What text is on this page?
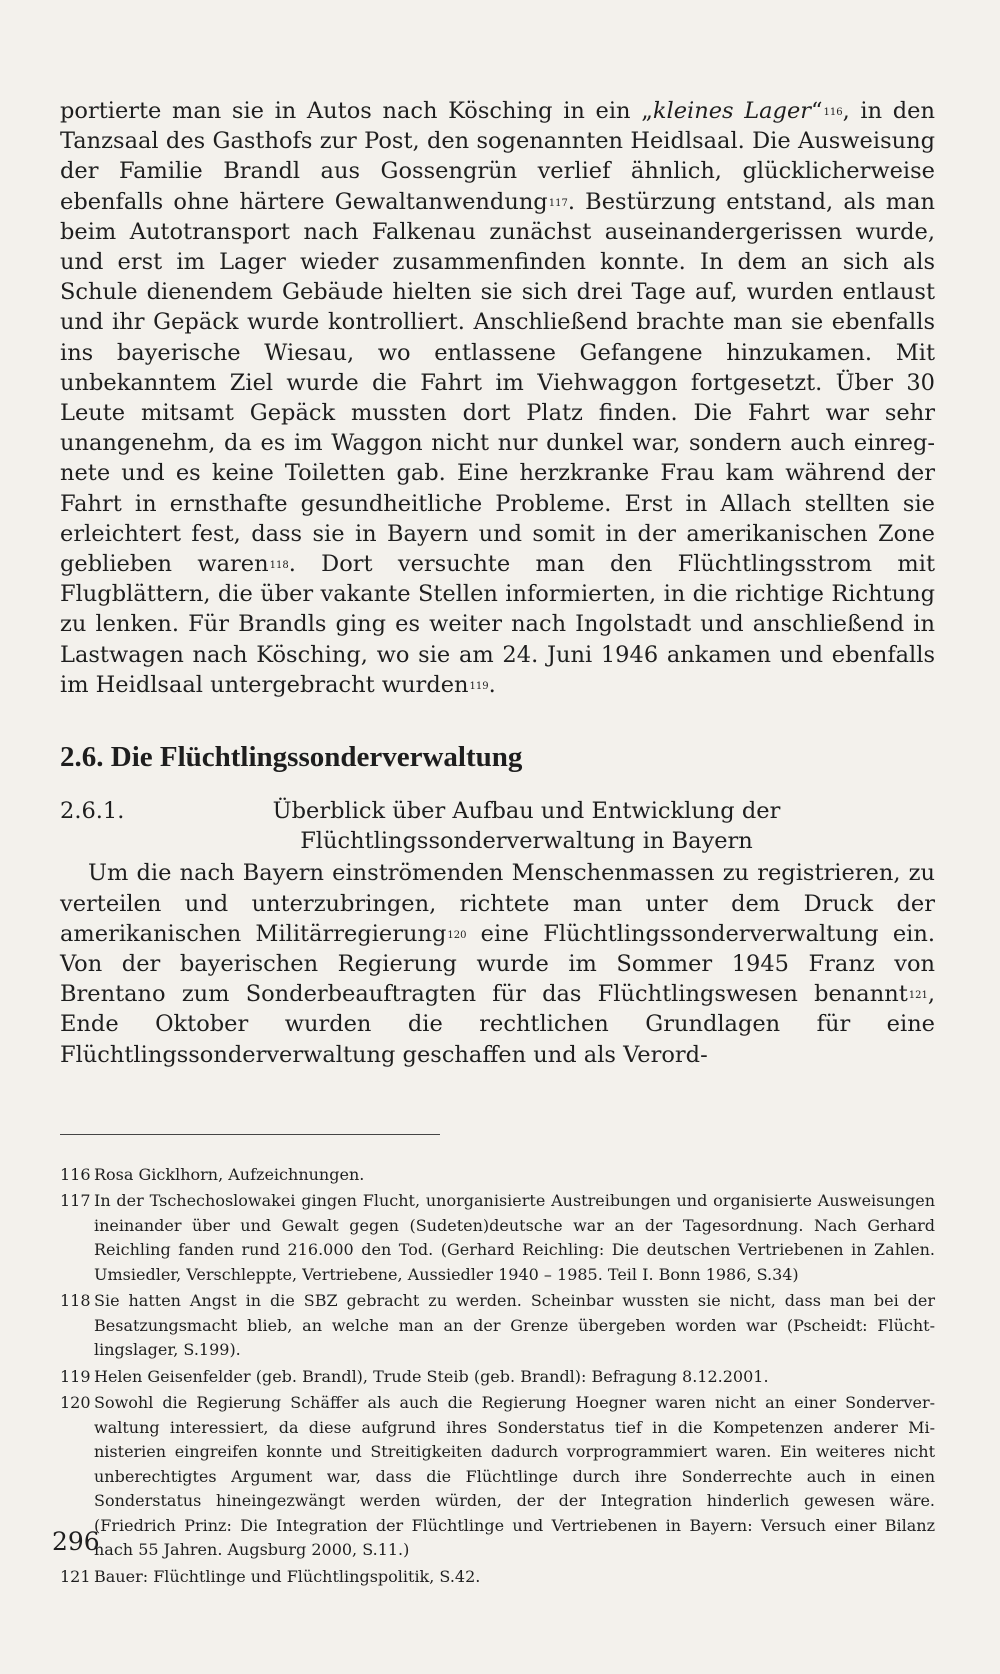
portierte man sie in Autos nach Kösching in ein „kleines Lager“$^{116}$, in den Tanzsaal des Gasthofs zur Post, den sogenannten Heidlsaal. Die Ausweisung der Familie Brandl aus Gossengrün verlief ähnlich, glücklicherweise ebenfalls ohne härtere Gewaltanwendung$^{117}$. Bestürzung entstand, als man beim Autotransport nach Falkenau zunächst auseinandergerissen wurde, und erst im Lager wieder zusammenfinden konnte. In dem an sich als Schule dienendem Gebäude hielten sie sich drei Tage auf, wurden entlaust und ihr Gepäck wurde kontrolliert. Anschließend brachte man sie ebenfalls ins bayerische Wiesau, wo entlassene Gefangene hinzukamen. Mit unbekanntem Ziel wurde die Fahrt im Viehwaggon fortgesetzt. Über 30 Leute mitsamt Gepäck mussten dort Platz finden. Die Fahrt war sehr unangenehm, da es im Waggon nicht nur dunkel war, sondern auch einregnete und es keine Toiletten gab. Eine herzkranke Frau kam während der Fahrt in ernsthafte gesundheitliche Probleme. Erst in Allach stellten sie erleichtert fest, dass sie in Bayern und somit in der amerikanischen Zone geblieben waren$^{118}$. Dort versuchte man den Flüchtlingsstrom mit Flugblättern, die über vakante Stellen informierten, in die richtige Richtung zu lenken. Für Brandls ging es weiter nach Ingolstadt und anschließend in Lastwagen nach Kösching, wo sie am 24. Juni 1946 ankamen und ebenfalls im Heidlsaal untergebracht wurden$^{119}$.

2.6. Die Flüchtlingssonderverwaltung
2.6.1.	Überblick über Aufbau und Entwicklung der Flüchtlingssonderverwaltung in Bayern

Um die nach Bayern einströmenden Menschenmassen zu registrieren, zu verteilen und unterzubringen, richtete man unter dem Druck der amerikanischen Militärregierung$^{120}$ eine Flüchtlingssonderverwaltung ein. Von der bayerischen Regierung wurde im Sommer 1945 Franz von Brentano zum Sonderbeauftragten für das Flüchtlingswesen benannt$^{121}$, Ende Oktober wurden die rechtlichen Grundlagen für eine Flüchtlingssonderverwaltung geschaffen und als Verord-

116 Rosa Gicklhorn, Aufzeichnungen.
117 In der Tschechoslowakei gingen Flucht, unorganisierte Austreibungen und organisierte Ausweisungen ineinander über und Gewalt gegen (Sudeten)deutsche war an der Tagesordnung. Nach Gerhard Reichling fanden rund 216.000 den Tod. (Gerhard Reichling: Die deutschen Vertriebenen in Zahlen. Umsiedler, Verschleppte, Vertriebene, Aussiedler 1940 – 1985. Teil I. Bonn 1986, S.34)
118 Sie hatten Angst in die SBZ gebracht zu werden. Scheinbar wussten sie nicht, dass man bei der Besatzungsmacht blieb, an welche man an der Grenze übergeben worden war (Pscheidt: Flüchtlingslager, S.199).
119 Helen Geisenfelder (geb. Brandl), Trude Steib (geb. Brandl): Befragung 8.12.2001.
120 Sowohl die Regierung Schäffer als auch die Regierung Hoegner waren nicht an einer Sonderverwaltung interessiert, da diese aufgrund ihres Sonderstatus tief in die Kompetenzen anderer Ministerien eingreifen konnte und Streitigkeiten dadurch vorprogrammiert waren. Ein weiteres nicht unberechtigtes Argument war, dass die Flüchtlinge durch ihre Sonderrechte auch in einen Sonderstatus hineingezwängt werden würden, der der Integration hinderlich gewesen wäre. (Friedrich Prinz: Die Integration der Flüchtlinge und Vertriebenen in Bayern: Versuch einer Bilanz nach 55 Jahren. Augsburg 2000, S.11.)
121 Bauer: Flüchtlinge und Flüchtlingspolitik, S.42.
296
